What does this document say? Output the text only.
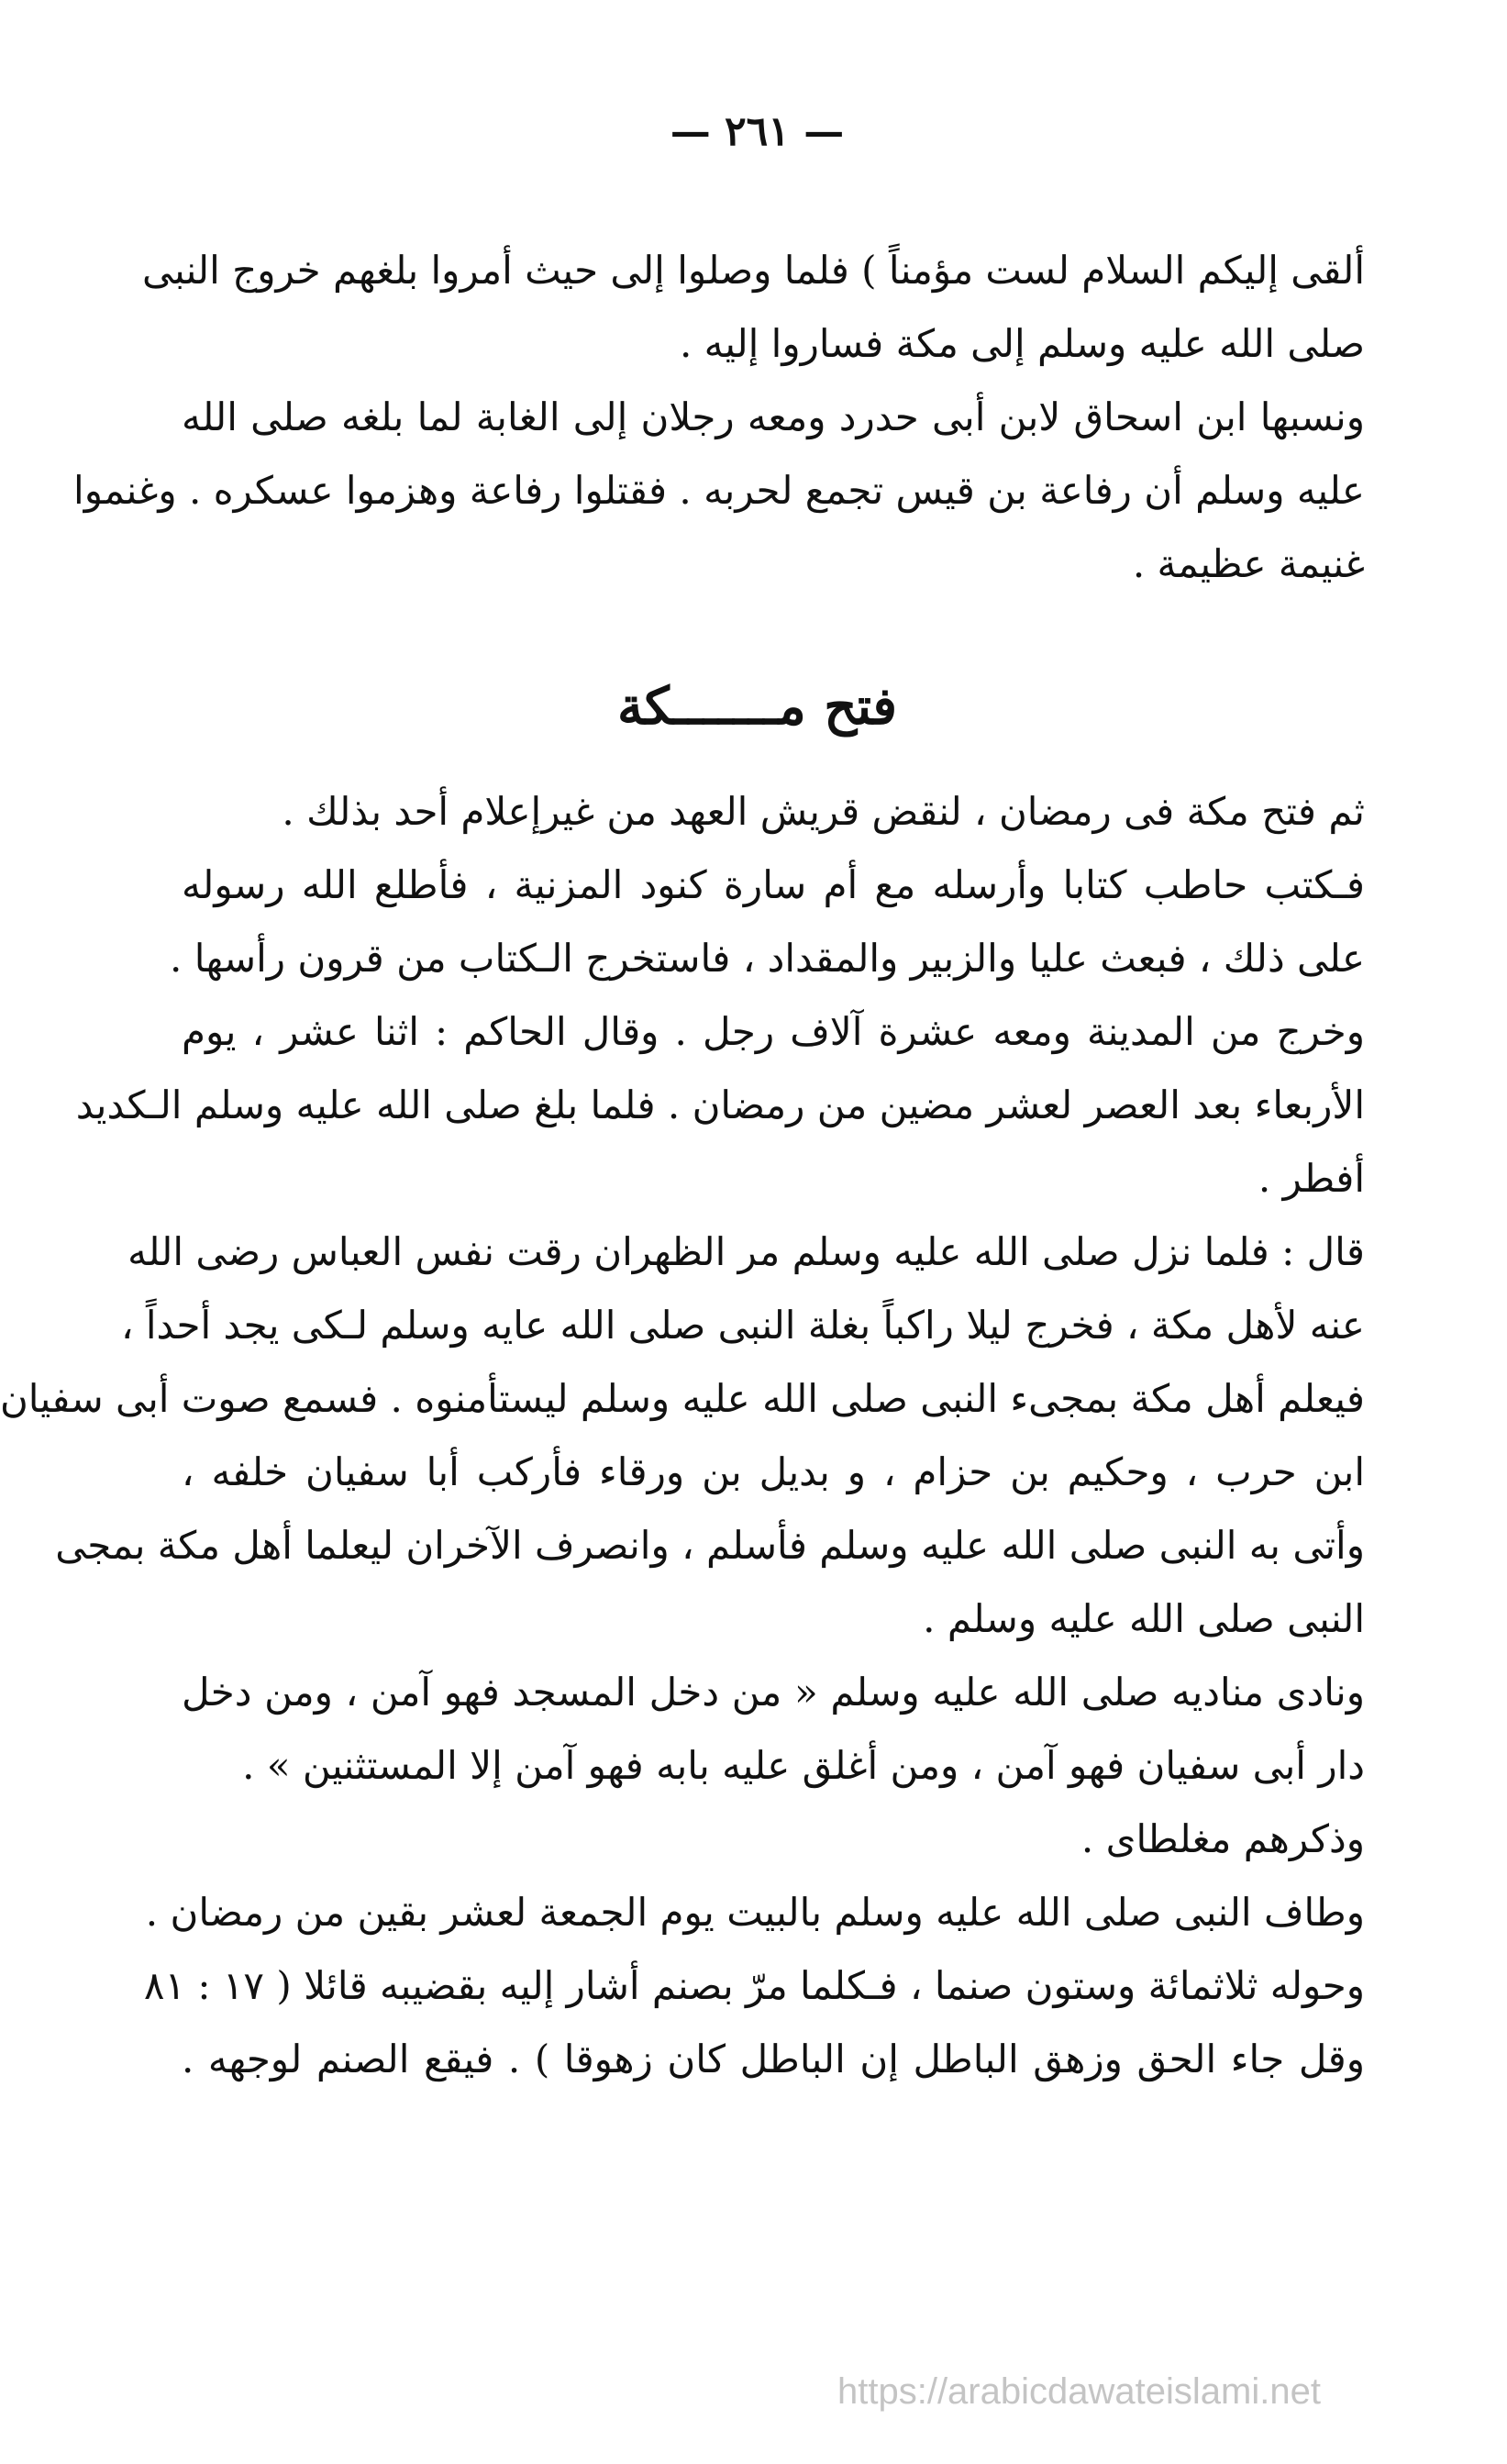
— ٢٦١ —
ألقى إليكم السلام لست مؤمناً ) فلما وصلوا إلى حيث أمروا بلغهم خروج النبى
صلى الله عليه وسلم إلى مكة فساروا إليه .
ونسبها ابن اسحاق لابن أبى حدرد ومعه رجلان إلى الغابة لما بلغه صلى الله
عليه وسلم أن رفاعة بن قيس تجمع لحربه . فقتلوا رفاعة وهزموا عسكره . وغنموا
غنيمة عظيمة .
فتح مـــــــكة
ثم فتح مكة فى رمضان ، لنقض قريش العهد من غيرإعلام أحد بذلك .
فـكتب حاطب كتابا وأرسله مع أم سارة كنود المزنية ، فأطلع الله رسوله
على ذلك ، فبعث عليا والزبير والمقداد ، فاستخرج الـكتاب من قرون رأسها .
وخرج من المدينة ومعه عشرة آلاف رجل . وقال الحاكم : اثنا عشر ، يوم
الأربعاء بعد العصر لعشر مضين من رمضان . فلما بلغ صلى الله عليه وسلم الـكديد
أفطر .
قال : فلما نزل صلى الله عليه وسلم مر الظهران رقت نفس العباس رضى الله
عنه لأهل مكة ، فخرج ليلا راكباً بغلة النبى صلى الله عايه وسلم لـكى يجد أحداً ،
فيعلم أهل مكة بمجىء النبى صلى الله عليه وسلم ليستأمنوه . فسمع صوت أبى سفيان
ابن حرب ، وحكيم بن حزام ، و بديل بن ورقاء فأركب أبا سفيان خلفه ،
وأتى به النبى صلى الله عليه وسلم فأسلم ، وانصرف الآخران ليعلما أهل مكة بمجى
النبى صلى الله عليه وسلم .
ونادى مناديه صلى الله عليه وسلم « من دخل المسجد فهو آمن ، ومن دخل
دار أبى سفيان فهو آمن ، ومن أغلق عليه بابه فهو آمن إلا المستثنين » .
وذكرهم مغلطاى .
وطاف النبى صلى الله عليه وسلم بالبيت يوم الجمعة لعشر بقين من رمضان .
وحوله ثلاثمائة وستون صنما ، فـكلما مرّ بصنم أشار إليه بقضيبه قائلا ( ١٧ : ٨١
وقل جاء الحق وزهق الباطل إن الباطل كان زهوقا ) . فيقع الصنم لوجهه .
https://arabicdawateislami.net
